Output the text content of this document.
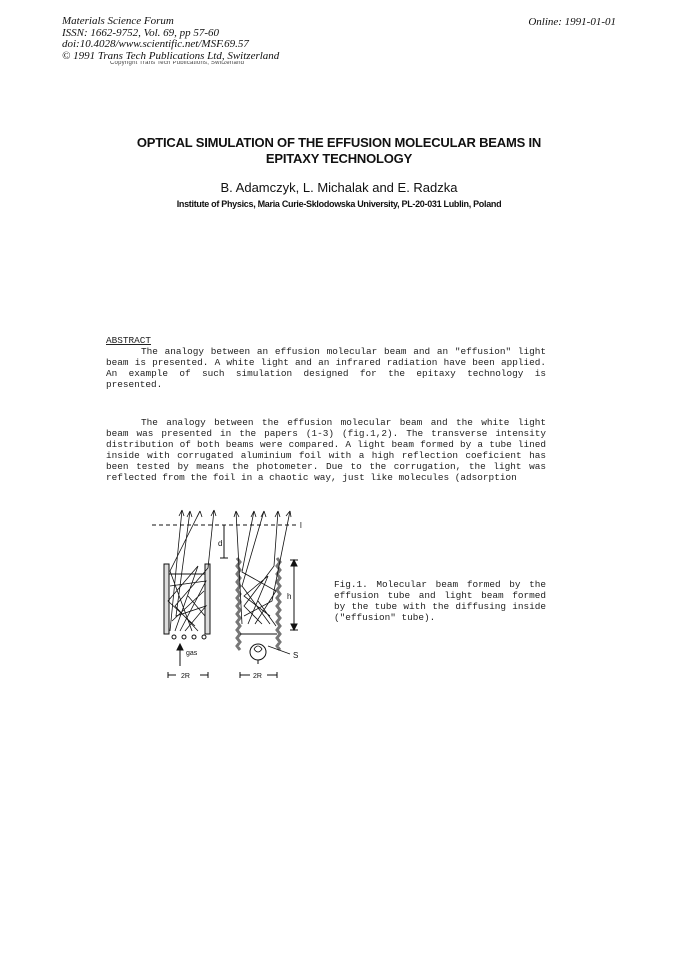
Materials Science Forum
ISSN: 1662-9752, Vol. 69, pp 57-60
doi:10.4028/www.scientific.net/MSF.69.57
© 1991 Trans Tech Publications Ltd, Switzerland
Online: 1991-01-01
Copyright Trans Tech Publications, Switzerland
OPTICAL SIMULATION OF THE EFFUSION MOLECULAR BEAMS IN
EPITAXY TECHNOLOGY
B. Adamczyk, L. Michalak and E. Radzka
Institute of Physics, Maria Curie-Sklodowska University, PL-20-031 Lublin, Poland
ABSTRACT
The analogy between an effusion molecular beam and an "effusion" light beam is presented. A white light and an infrared radiation have been applied. An example of such simulation designed for the epitaxy technology is presented.
The analogy between the effusion molecular beam and the white light beam was presented in the papers (1-3) (fig.1,2). The transverse intensity distribution of both beams were compared. A light beam formed by a tube lined inside with corrugated aluminium foil with a high reflection coeficient has been tested by means the photometer. Due to the corrugation, the light was reflected from the foil in a chaotic way, just like molecules (adsorption
l
d
h
S
gas
2R	2R
Fig.1. Molecular beam formed by the effusion tube and light beam formed by the tube with the diffusing inside ("effusion" tube).
